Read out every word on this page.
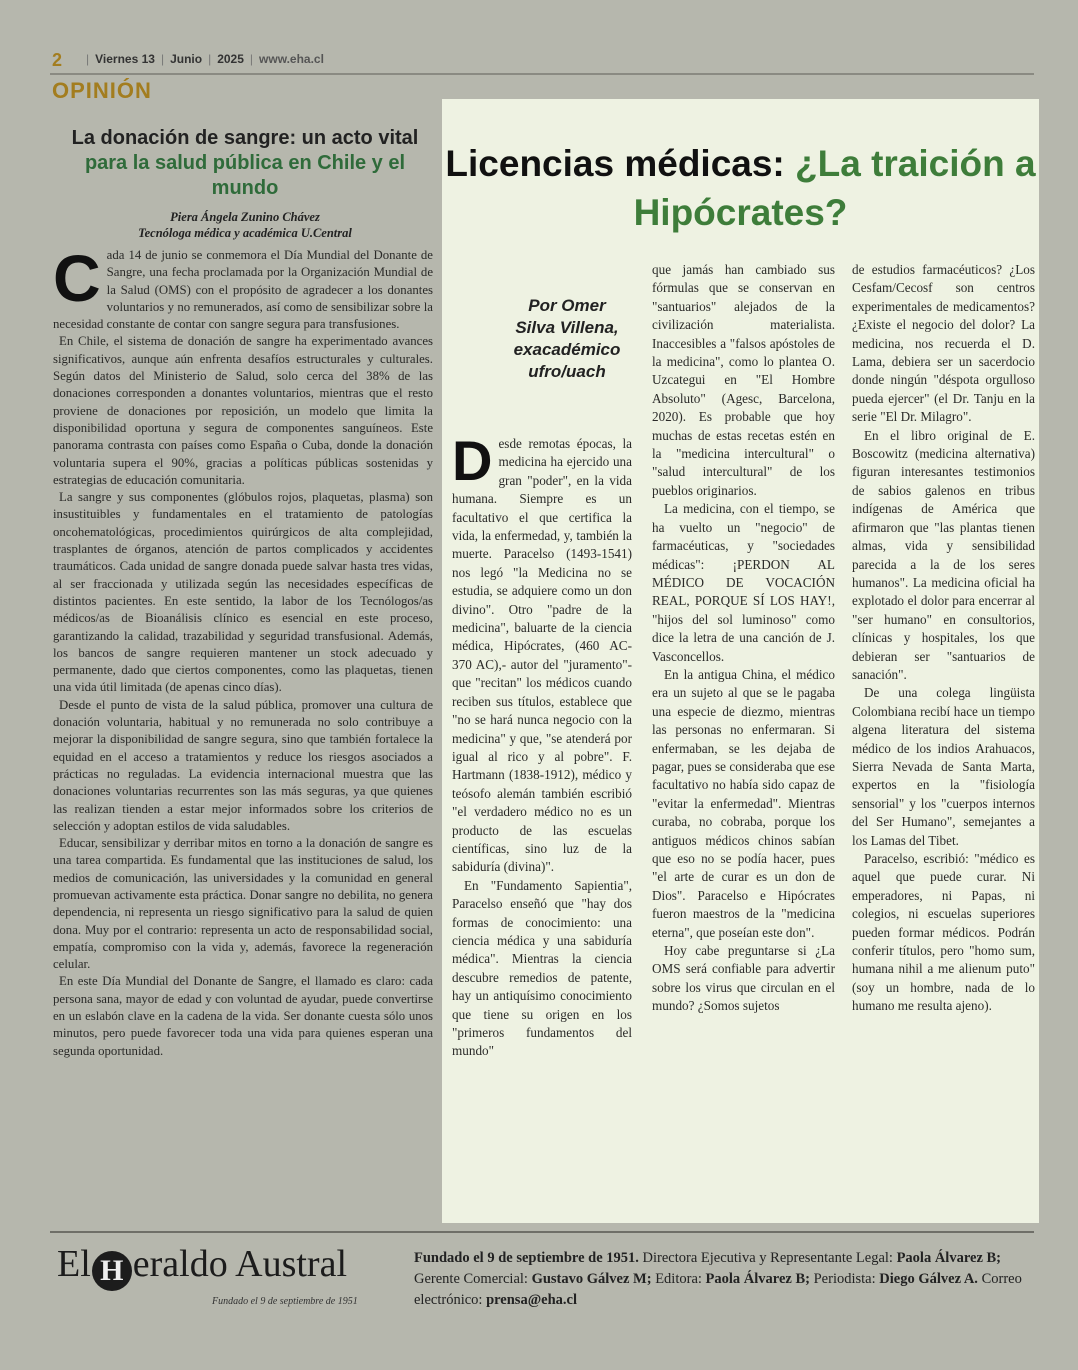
2 | Viernes 13 | Junio | 2025 | www.eha.cl
OPINIÓN
La donación de sangre: un acto vital para la salud pública en Chile y el mundo
Piera Ángela Zunino Chávez
Tecnóloga médica y académica U.Central

Cada 14 de junio se conmemora el Día Mundial del Donante de Sangre, una fecha proclamada por la Organización Mundial de la Salud (OMS) con el propósito de agradecer a los donantes voluntarios y no remunerados, así como de sensibilizar sobre la necesidad constante de contar con sangre segura para transfusiones.

En Chile, el sistema de donación de sangre ha experimentado avances significativos, aunque aún enfrenta desafíos estructurales y culturales. Según datos del Ministerio de Salud, solo cerca del 38% de las donaciones corresponden a donantes voluntarios, mientras que el resto proviene de donaciones por reposición, un modelo que limita la disponibilidad oportuna y segura de componentes sanguíneos. Este panorama contrasta con países como España o Cuba, donde la donación voluntaria supera el 90%, gracias a políticas públicas sostenidas y estrategias de educación comunitaria.

La sangre y sus componentes (glóbulos rojos, plaquetas, plasma) son insustituibles y fundamentales en el tratamiento de patologías oncohematológicas, procedimientos quirúrgicos de alta complejidad, trasplantes de órganos, atención de partos complicados y accidentes traumáticos. Cada unidad de sangre donada puede salvar hasta tres vidas, al ser fraccionada y utilizada según las necesidades específicas de distintos pacientes. En este sentido, la labor de los Tecnólogos/as médicos/as de Bioanálisis clínico es esencial en este proceso, garantizando la calidad, trazabilidad y seguridad transfusional. Además, los bancos de sangre requieren mantener un stock adecuado y permanente, dado que ciertos componentes, como las plaquetas, tienen una vida útil limitada (de apenas cinco días).

Desde el punto de vista de la salud pública, promover una cultura de donación voluntaria, habitual y no remunerada no solo contribuye a mejorar la disponibilidad de sangre segura, sino que también fortalece la equidad en el acceso a tratamientos y reduce los riesgos asociados a prácticas no reguladas. La evidencia internacional muestra que las donaciones voluntarias recurrentes son las más seguras, ya que quienes las realizan tienden a estar mejor informados sobre los criterios de selección y adoptan estilos de vida saludables.

Educar, sensibilizar y derribar mitos en torno a la donación de sangre es una tarea compartida. Es fundamental que las instituciones de salud, los medios de comunicación, las universidades y la comunidad en general promuevan activamente esta práctica. Donar sangre no debilita, no genera dependencia, ni representa un riesgo significativo para la salud de quien dona. Muy por el contrario: representa un acto de responsabilidad social, empatía, compromiso con la vida y, además, favorece la regeneración celular.

En este Día Mundial del Donante de Sangre, el llamado es claro: cada persona sana, mayor de edad y con voluntad de ayudar, puede convertirse en un eslabón clave en la cadena de la vida. Ser donante cuesta sólo unos minutos, pero puede favorecer toda una vida para quienes esperan una segunda oportunidad.

Licencias médicas: ¿La traición a Hipócrates?
Por Omer
Silva Villena,
exacadémico
ufro/uach

Desde remotas épocas, la medicina ha ejercido una gran "poder", en la vida humana. Siempre es un facultativo el que certifica la vida, la enfermedad, y, también la muerte. Paracelso (1493-1541) nos legó "la Medicina no se estudia, se adquiere como un don divino". Otro "padre de la medicina", baluarte de la ciencia médica, Hipócrates, (460 AC- 370 AC),- autor del "juramento"- que "recitan" los médicos cuando reciben sus títulos, establece que "no se hará nunca negocio con la medicina" y que, "se atenderá por igual al rico y al pobre". F. Hartmann (1838-1912), médico y teósofo alemán también escribió "el verdadero médico no es un producto de las escuelas científicas, sino luz de la sabiduría (divina)".

En "Fundamento Sapientia", Paracelso enseñó que "hay dos formas de conocimiento: una ciencia médica y una sabiduría médica". Mientras la ciencia descubre remedios de patente, hay un antiquísimo conocimiento que tiene su origen en los "primeros fundamentos del mundo"

que jamás han cambiado sus fórmulas que se conservan en "santuarios" alejados de la civilización materialista. Inaccesibles a "falsos apóstoles de la medicina", como lo plantea O. Uzcategui en "El Hombre Absoluto" (Agesc, Barcelona, 2020). Es probable que hoy muchas de estas recetas estén en la "medicina intercultural" o "salud intercultural" de los pueblos originarios.

La medicina, con el tiempo, se ha vuelto un "negocio" de farmacéuticas, y "sociedades médicas": ¡PERDON AL MÉDICO DE VOCACIÓN REAL, PORQUE SÍ LOS HAY!, "hijos del sol luminoso" como dice la letra de una canción de J. Vasconcellos.

En la antigua China, el médico era un sujeto al que se le pagaba una especie de diezmo, mientras las personas no enfermaran. Si enfermaban, se les dejaba de pagar, pues se consideraba que ese facultativo no había sido capaz de "evitar la enfermedad". Mientras curaba, no cobraba, porque los antiguos médicos chinos sabían que eso no se podía hacer, pues "el arte de curar es un don de Dios". Paracelso e Hipócrates fueron maestros de la "medicina eterna", que poseían este don".

Hoy cabe preguntarse si ¿La OMS será confiable para advertir sobre los virus que circulan en el mundo? ¿Somos sujetos

de estudios farmacéuticos? ¿Los Cesfam/Cecosf son centros experimentales de medicamentos? ¿Existe el negocio del dolor? La medicina, nos recuerda el D. Lama, debiera ser un sacerdocio donde ningún "déspota orgulloso pueda ejercer" (el Dr. Tanju en la serie "El Dr. Milagro".

En el libro original de E. Boscowitz (medicina alternativa) figuran interesantes testimonios de sabios galenos en tribus indígenas de América que afirmaron que "las plantas tienen almas, vida y sensibilidad parecida a la de los seres humanos". La medicina oficial ha explotado el dolor para encerrar al "ser humano" en consultorios, clínicas y hospitales, los que debieran ser "santuarios de sanación".

De una colega lingüista Colombiana recibí hace un tiempo algena literatura del sistema médico de los indios Arahuacos, Sierra Nevada de Santa Marta, expertos en la "fisiología sensorial" y los "cuerpos internos del Ser Humano", semejantes a los Lamas del Tibet.

Paracelso, escribió: "médico es aquel que puede curar. Ni emperadores, ni Papas, ni colegios, ni escuelas superiores pueden formar médicos. Podrán conferir títulos, pero "homo sum, humana nihil a me alienum puto" (soy un hombre, nada de lo humano me resulta ajeno).

El H eraldo Austral
Fundado el 9 de septiembre de 1951
Fundado el 9 de septiembre de 1951. Directora Ejecutiva y Representante Legal: Paola Álvarez B; Gerente Comercial: Gustavo Gálvez M; Editora: Paola Álvarez B; Periodista: Diego Gálvez A. Correo electrónico: prensa@eha.cl
